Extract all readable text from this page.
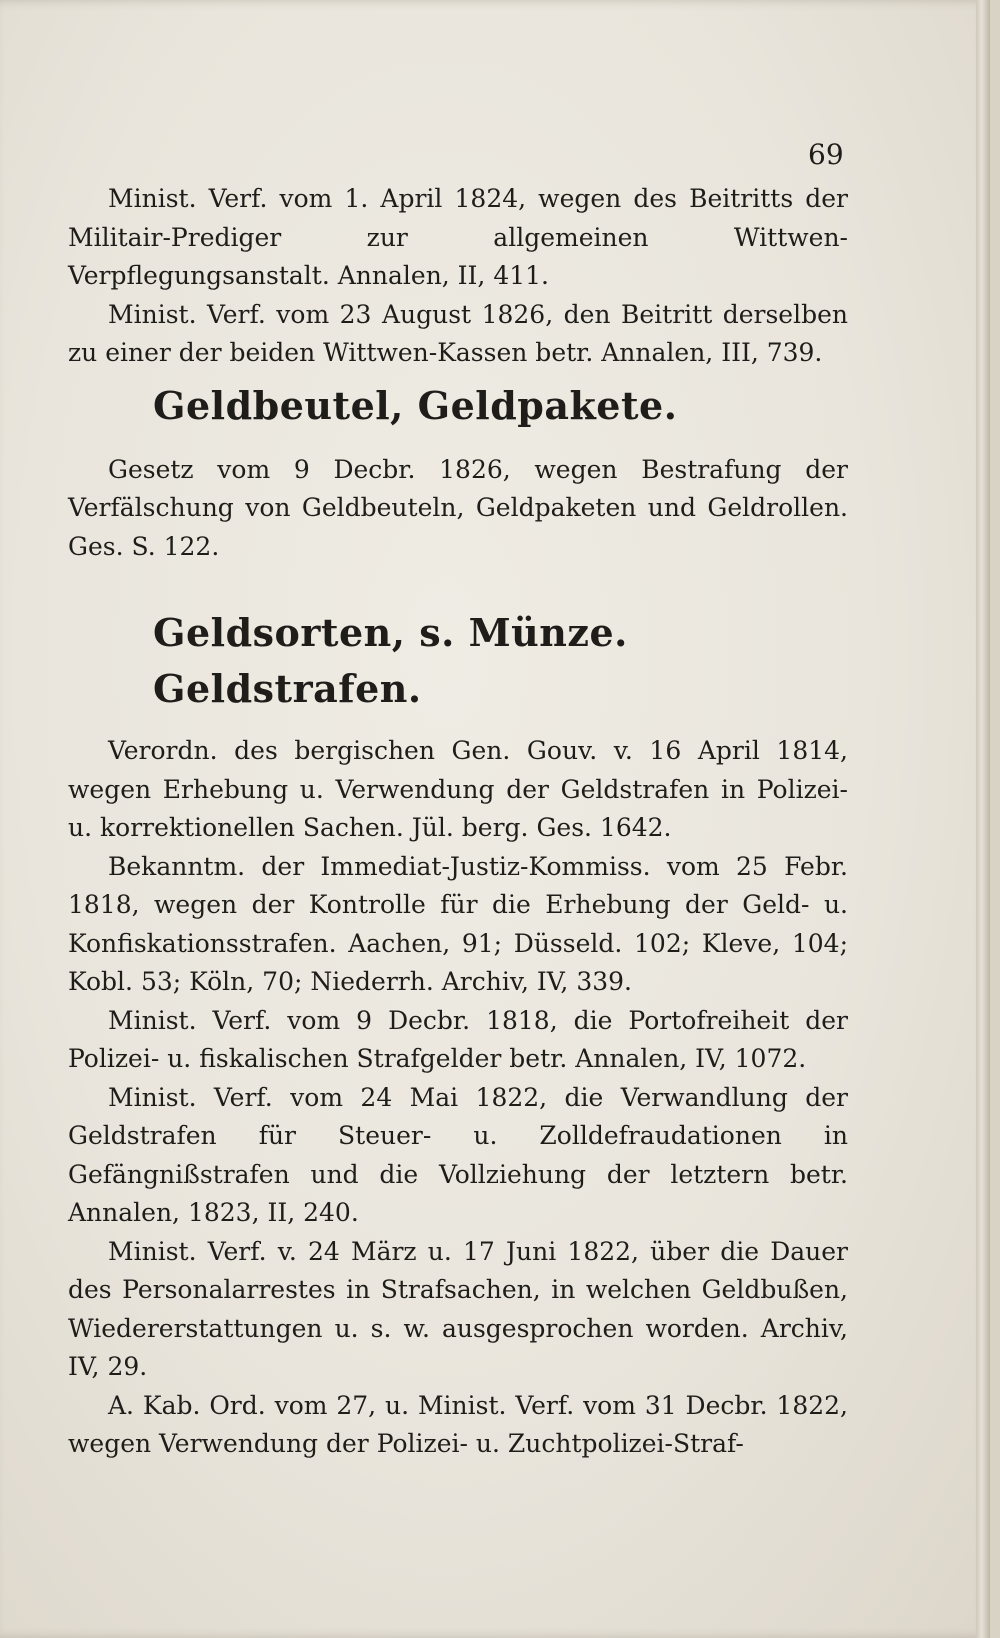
69

Minist. Verf. vom 1. April 1824, wegen des Beitritts der Militair-Prediger zur allgemeinen Wittwen-Verpflegungsanstalt. Annalen, II, 411.

Minist. Verf. vom 23 August 1826, den Beitritt derselben zu einer der beiden Wittwen-Kassen betr. Annalen, III, 739.

Geldbeutel, Geldpakete.

Gesetz vom 9 Decbr. 1826, wegen Bestrafung der Verfälschung von Geldbeuteln, Geldpaketen und Geldrollen. Ges. S. 122.

Geldsorten, s. Münze.
Geldstrafen.

Verordn. des bergischen Gen. Gouv. v. 16 April 1814, wegen Erhebung u. Verwendung der Geldstrafen in Polizei- u. korrektionellen Sachen. Jül. berg. Ges. 1642.

Bekanntm. der Immediat-Justiz-Kommiss. vom 25 Febr. 1818, wegen der Kontrolle für die Erhebung der Geld- u. Konfiskationsstrafen. Aachen, 91; Düsseld. 102; Kleve, 104; Kobl. 53; Köln, 70; Niederrh. Archiv, IV, 339.

Minist. Verf. vom 9 Decbr. 1818, die Portofreiheit der Polizei- u. fiskalischen Strafgelder betr. Annalen, IV, 1072.

Minist. Verf. vom 24 Mai 1822, die Verwandlung der Geldstrafen für Steuer- u. Zolldefraudationen in Gefängnißstrafen und die Vollziehung der letztern betr. Annalen, 1823, II, 240.

Minist. Verf. v. 24 März u. 17 Juni 1822, über die Dauer des Personalarrestes in Strafsachen, in welchen Geldbußen, Wiedererstattungen u. s. w. ausgesprochen worden. Archiv, IV, 29.

A. Kab. Ord. vom 27, u. Minist. Verf. vom 31 Decbr. 1822, wegen Verwendung der Polizei- u. Zuchtpolizei-Straf-
